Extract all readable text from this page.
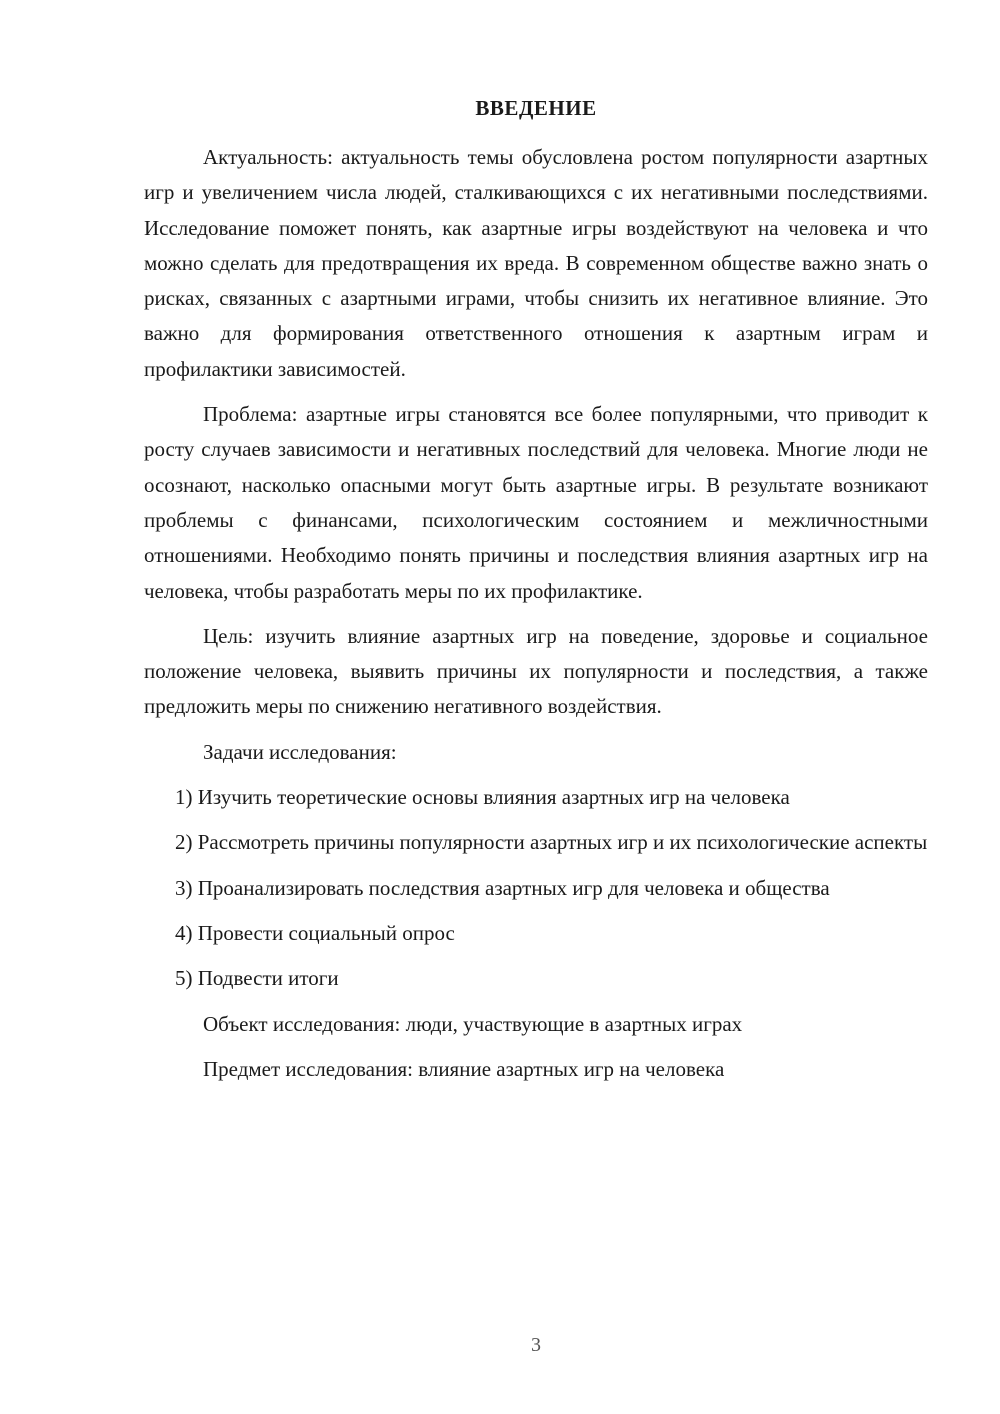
ВВЕДЕНИЕ

Актуальность: актуальность темы обусловлена ростом популярности азартных игр и увеличением числа людей, сталкивающихся с их негативными последствиями. Исследование поможет понять, как азартные игры воздействуют на человека и что можно сделать для предотвращения их вреда. В современном обществе важно знать о рисках, связанных с азартными играми, чтобы снизить их негативное влияние. Это важно для формирования ответственного отношения к азартным играм и профилактики зависимостей.

Проблема: азартные игры становятся все более популярными, что приводит к росту случаев зависимости и негативных последствий для человека. Многие люди не осознают, насколько опасными могут быть азартные игры. В результате возникают проблемы с финансами, психологическим состоянием и межличностными отношениями. Необходимо понять причины и последствия влияния азартных игр на человека, чтобы разработать меры по их профилактике.

Цель: изучить влияние азартных игр на поведение, здоровье и социальное положение человека, выявить причины их популярности и последствия, а также предложить меры по снижению негативного воздействия.

Задачи исследования:

1) Изучить теоретические основы влияния азартных игр на человека

2) Рассмотреть причины популярности азартных игр и их психологические аспекты

3) Проанализировать последствия азартных игр для человека и общества

4) Провести социальный опрос

5) Подвести итоги

Объект исследования: люди, участвующие в азартных играх

Предмет исследования: влияние азартных игр на человека

3
